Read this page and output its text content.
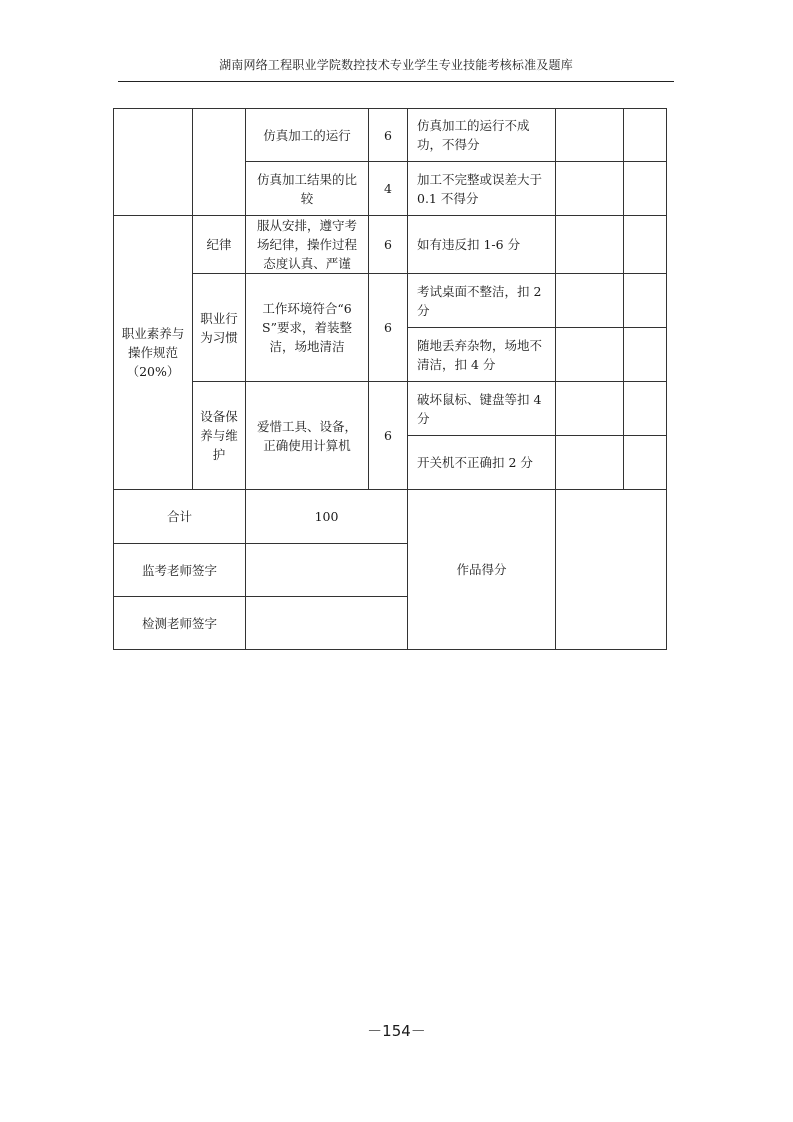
湖南网络工程职业学院数控技术专业学生专业技能考核标准及题库
		仿真加工的运行	6	仿真加工的运行不成功，不得分		
		仿真加工结果的比较	4	加工不完整或误差大于 0.1 不得分		
职业素养与操作规范（20%）	纪律	服从安排，遵守考场纪律，操作过程态度认真、严谨	6	如有违反扣 1-6 分		
	职业行为习惯	工作环境符合“6S”要求，着装整洁，场地清洁	6	考试桌面不整洁，扣 2 分		
				随地丢弃杂物，场地不清洁，扣 4 分		
	设备保养与维护	爱惜工具、设备，正确使用计算机	6	破坏鼠标、键盘等扣 4 分		
				开关机不正确扣 2 分		
合计		100		作品得分		
监考老师签字						
检测老师签字						
－154－
